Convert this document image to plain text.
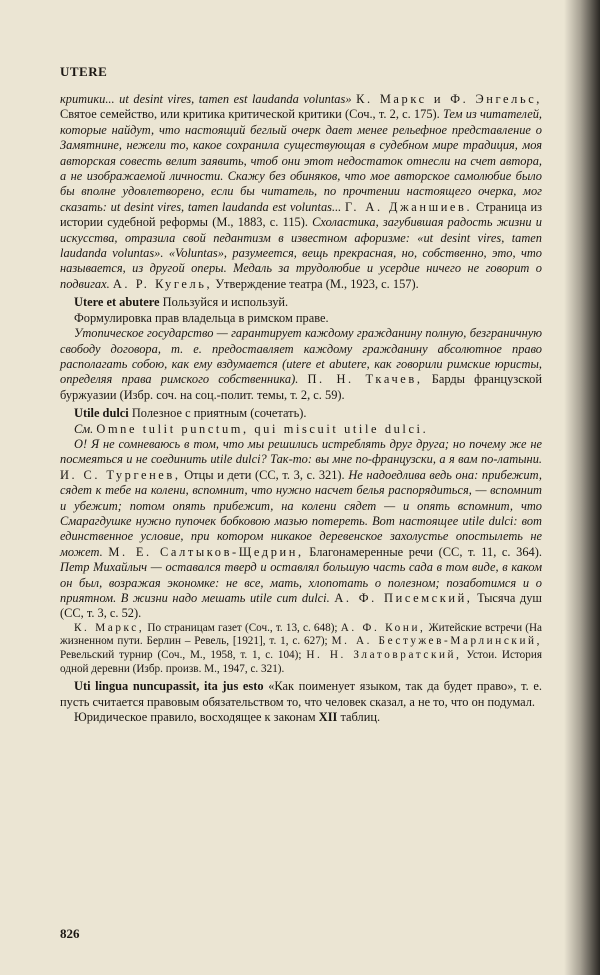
UTERE

критики... ut desint vires, tamen est laudanda voluntas» К. Маркс и Ф. Энгельс, Святое семейство, или критика критической критики (Соч., т. 2, с. 175). Тем из читателей, которые найдут, что настоящий беглый очерк дает менее рельефное представление о Замятнине, нежели то, какое сохранила существующая в судебном мире традиция, моя авторская совесть велит заявить, чтоб они этот недостаток отнесли на счет автора, а не изображаемой личности. Скажу без обиняков, что мое авторское самолюбие было бы вполне удовлетворено, если бы читатель, по прочтении настоящего очерка, мог сказать: ut desint vires, tamen laudanda est voluntas... Г. А. Джаншиев. Страница из истории судебной реформы (М., 1883, с. 115). Схоластика, загубившая радость жизни и искусства, отразила свой педантизм в известном афоризме: «ut desint vires, tamen laudanda voluntas». «Voluntas», разумеется, вещь прекрасная, но, собственно, это, что называется, из другой оперы. Медаль за трудолюбие и усердие ничего не говорит о подвигах. А. Р. Кугель, Утверждение театра (М., 1923, с. 157).

Utere et abutere Пользуйся и используй.

Формулировка прав владельца в римском праве.

Утопическое государство — гарантирует каждому гражданину полную, безграничную свободу договора, т. е. предоставляет каждому гражданину абсолютное право располагать собою, как ему вздумается (utere et abutere, как говорили римские юристы, определяя права римского собственника). П. Н. Ткачев, Барды французской буржуазии (Избр. соч. на соц.-полит. темы, т. 2, с. 59).

Utile dulci Полезное с приятным (сочетать).

См. Omne tulit punctum, qui miscuit utile dulci.

О! Я не сомневаюсь в том, что мы решились истреблять друг друга; но почему же не посмеяться и не соединить utile dulci? Так-то: вы мне по-французски, а я вам по-латыни. И. С. Тургенев, Отцы и дети (СС, т. 3, с. 321). Не надоедлива ведь она: прибежит, сядет к тебе на колени, вспомнит, что нужно насчет белья распорядиться, — вспомнит и убежит; потом опять прибежит, на колени сядет — и опять вспомнит, что Смарагдушке нужно пупочек бобковою мазью потереть. Вот настоящее utile dulci: вот единственное условие, при котором никакое деревенское захолустье опостылеть не может. М. Е. Салтыков-Щедрин, Благонамеренные речи (СС, т. 11, с. 364). Петр Михайлыч — оставался тверд и оставлял большую часть сада в том виде, в каком он был, возражая экономке: не все, мать, хлопотать о полезном; позаботимся и о приятном. В жизни надо мешать utile cum dulci. А. Ф. Писемский, Тысяча душ (СС, т. 3, с. 52).

К. Маркс, По страницам газет (Соч., т. 13, с. 648); А. Ф. Кони, Житейские встречи (На жизненном пути. Берлин – Ревель, [1921], т. 1, с. 627); М. А. Бестужев-Марлинский, Ревельский турнир (Соч., М., 1958, т. 1, с. 104); Н. Н. Златовратский, Устои. История одной деревни (Избр. произв. М., 1947, с. 321).

Uti lingua nuncupassit, ita jus esto «Как поименует языком, так да будет право», т. е. пусть считается правовым обязательством то, что человек сказал, а не то, что он подумал.

Юридическое правило, восходящее к законам XII таблиц.

826
